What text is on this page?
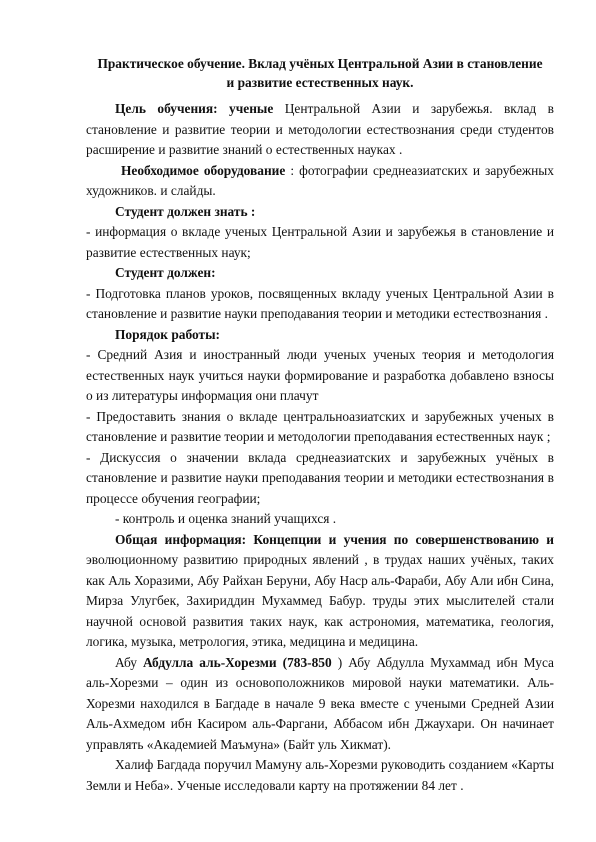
Практическое обучение. Вклад учёных Центральной Азии в становление
и развитие естественных наук.

Цель обучения: ученые Центральной Азии и зарубежья. вклад в становление и развитие теории и методологии естествознания среди студентов расширение и развитие знаний о естественных науках .

Необходимое оборудование : фотографии среднеазиатских и зарубежных художников. и слайды.

Студент должен знать :

- информация о вкладе ученых Центральной Азии и зарубежья в становление и развитие естественных наук;

Студент должен:

- Подготовка планов уроков, посвященных вкладу ученых Центральной Азии в становление и развитие науки преподавания теории и методики естествознания .

Порядок работы:

- Средний Азия и иностранный люди ученых ученых теория и методология естественных наук учиться науки формирование и разработка добавлено взносы о из литературы информация они плачут

- Предоставить знания о вкладе центральноазиатских и зарубежных ученых в становление и развитие теории и методологии преподавания естественных наук ;

- Дискуссия о значении вклада среднеазиатских и зарубежных учёных в становление и развитие науки преподавания теории и методики естествознания в процессе обучения географии;

- контроль и оценка знаний учащихся .

Общая информация: Концепции и учения по совершенствованию и эволюционному развитию природных явлений , в трудах наших учёных, таких как Аль Хоразими, Абу Райхан Беруни, Абу Наср аль-Фараби, Абу Али ибн Сина, Мирза Улугбек, Захириддин Мухаммед Бабур. труды этих мыслителей стали научной основой развития таких наук, как астрономия, математика, геология, логика, музыка, метрология, этика, медицина и медицина.

Абу Абдулла аль-Хорезми (783-850 ) Абу Абдулла Мухаммад ибн Муса аль-Хорезми – один из основоположников мировой науки математики. Аль-Хорезми находился в Багдаде в начале 9 века вместе с учеными Средней Азии Аль-Ахмедом ибн Касиром аль-Фаргани, Аббасом ибн Джаухари. Он начинает управлять «Академией Маъмуна» (Байт уль Хикмат).

Халиф Багдада поручил Мамуну аль-Хорезми руководить созданием «Карты Земли и Неба». Ученые исследовали карту на протяжении 84 лет .
